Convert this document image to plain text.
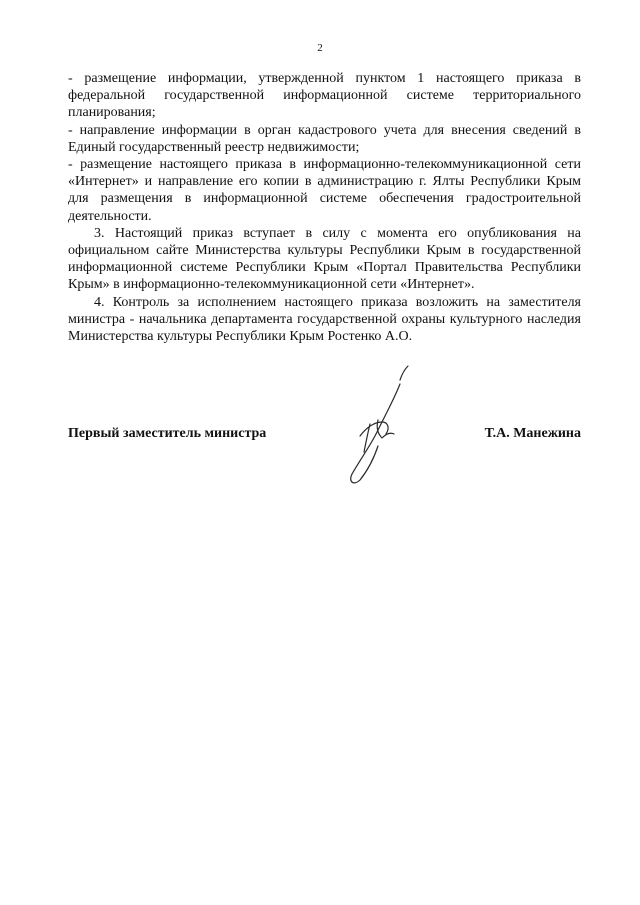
2

- размещение информации, утвержденной пунктом 1 настоящего приказа в федеральной государственной информационной системе территориального планирования;

- направление информации в орган кадастрового учета для внесения сведений в Единый государственный реестр недвижимости;

- размещение настоящего приказа в информационно-телекоммуникационной сети «Интернет» и направление его копии в администрацию г. Ялты Республики Крым для размещения в информационной системе обеспечения градостроительной деятельности.

3. Настоящий приказ вступает в силу с момента его опубликования на официальном сайте Министерства культуры Республики Крым в государственной информационной системе Республики Крым «Портал Правительства Республики Крым» в информационно-телекоммуникационной сети «Интернет».

4. Контроль за исполнением настоящего приказа возложить на заместителя министра - начальника департамента государственной охраны культурного наследия Министерства культуры Республики Крым Ростенко А.О.

Первый заместитель министра	Т.А. Манежина
